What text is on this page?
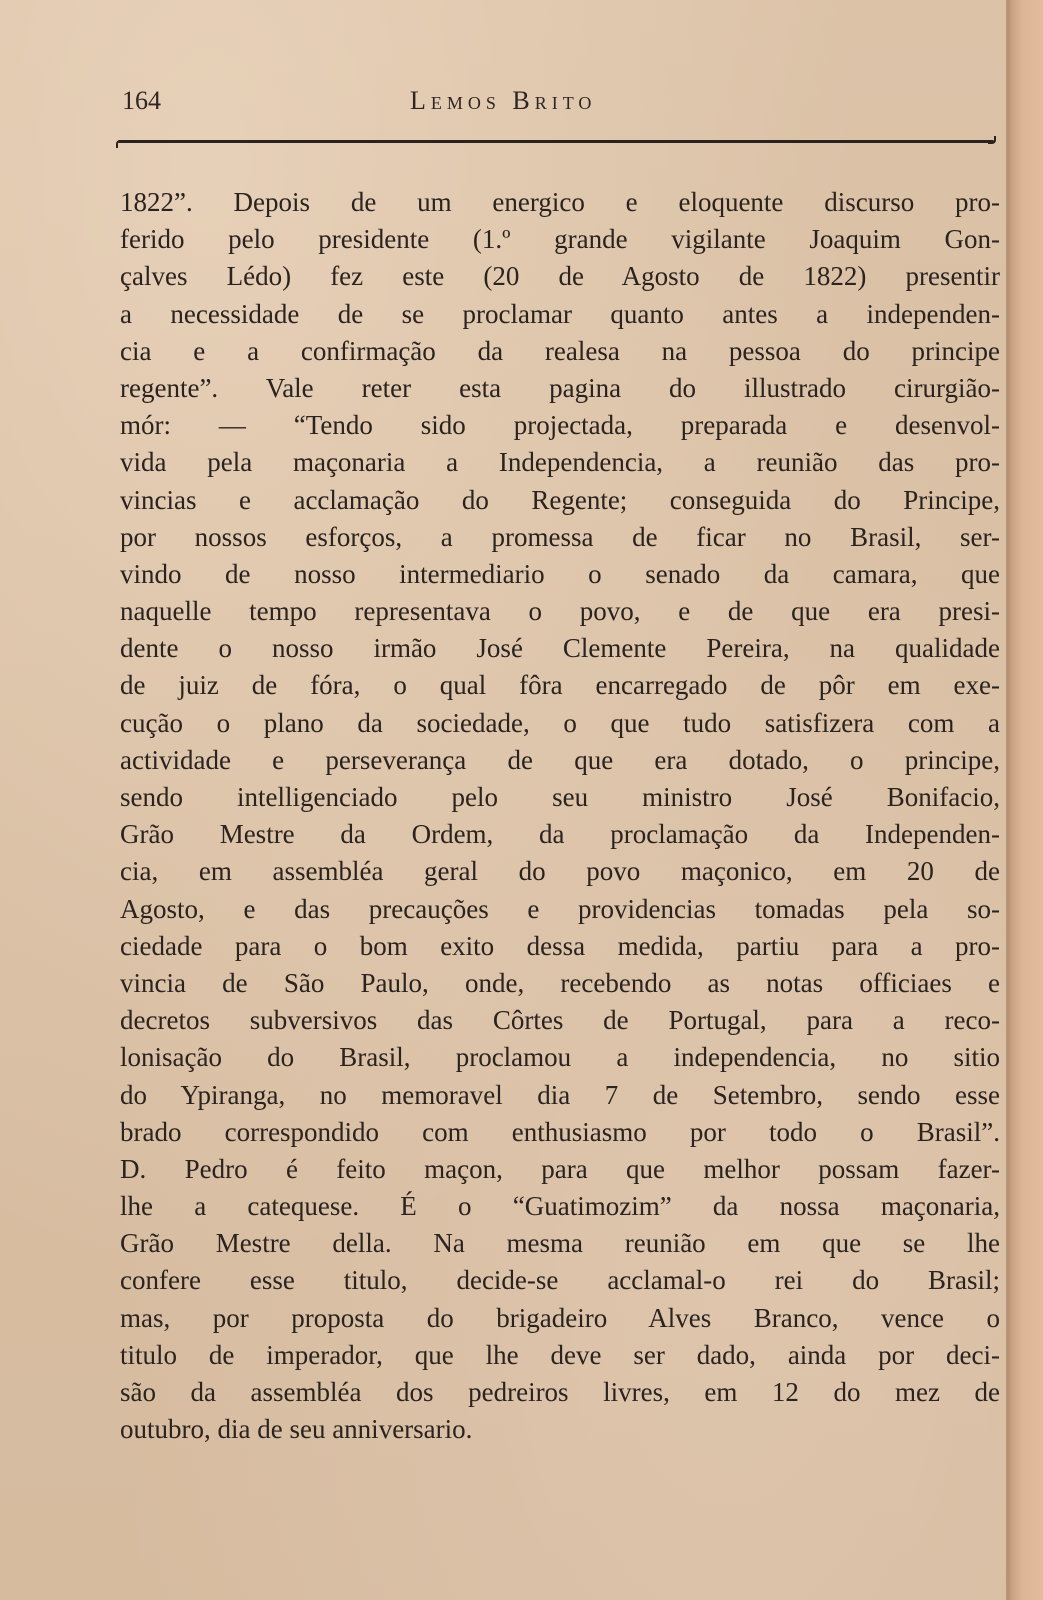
164	Lemos Brito
1822”. Depois de um energico e eloquente discurso pro-
ferido pelo presidente (1.º grande vigilante Joaquim Gon-
çalves Lédo) fez este (20 de Agosto de 1822) presentir
a necessidade de se proclamar quanto antes a independen-
cia e a confirmação da realesa na pessoa do principe
regente”. Vale reter esta pagina do illustrado cirurgião-
mór: — “Tendo sido projectada, preparada e desenvol-
vida pela maçonaria a Independencia, a reunião das pro-
vincias e acclamação do Regente; conseguida do Principe,
por nossos esforços, a promessa de ficar no Brasil, ser-
vindo de nosso intermediario o senado da camara, que
naquelle tempo representava o povo, e de que era presi-
dente o nosso irmão José Clemente Pereira, na qualidade
de juiz de fóra, o qual fôra encarregado de pôr em exe-
cução o plano da sociedade, o que tudo satisfizera com a
actividade e perseverança de que era dotado, o principe,
sendo intelligenciado pelo seu ministro José Bonifacio,
Grão Mestre da Ordem, da proclamação da Independen-
cia, em assembléa geral do povo maçonico, em 20 de
Agosto, e das precauções e providencias tomadas pela so-
ciedade para o bom exito dessa medida, partiu para a pro-
vincia de São Paulo, onde, recebendo as notas officiaes e
decretos subversivos das Côrtes de Portugal, para a reco-
lonisação do Brasil, proclamou a independencia, no sitio
do Ypiranga, no memoravel dia 7 de Setembro, sendo esse
brado correspondido com enthusiasmo por todo o Brasil”.
D. Pedro é feito maçon, para que melhor possam fazer-
lhe a catequese. É o “Guatimozim” da nossa maçonaria,
Grão Mestre della. Na mesma reunião em que se lhe
confere esse titulo, decide-se acclamal-o rei do Brasil;
mas, por proposta do brigadeiro Alves Branco, vence o
titulo de imperador, que lhe deve ser dado, ainda por deci-
são da assembléa dos pedreiros livres, em 12 do mez de
outubro, dia de seu anniversario.
